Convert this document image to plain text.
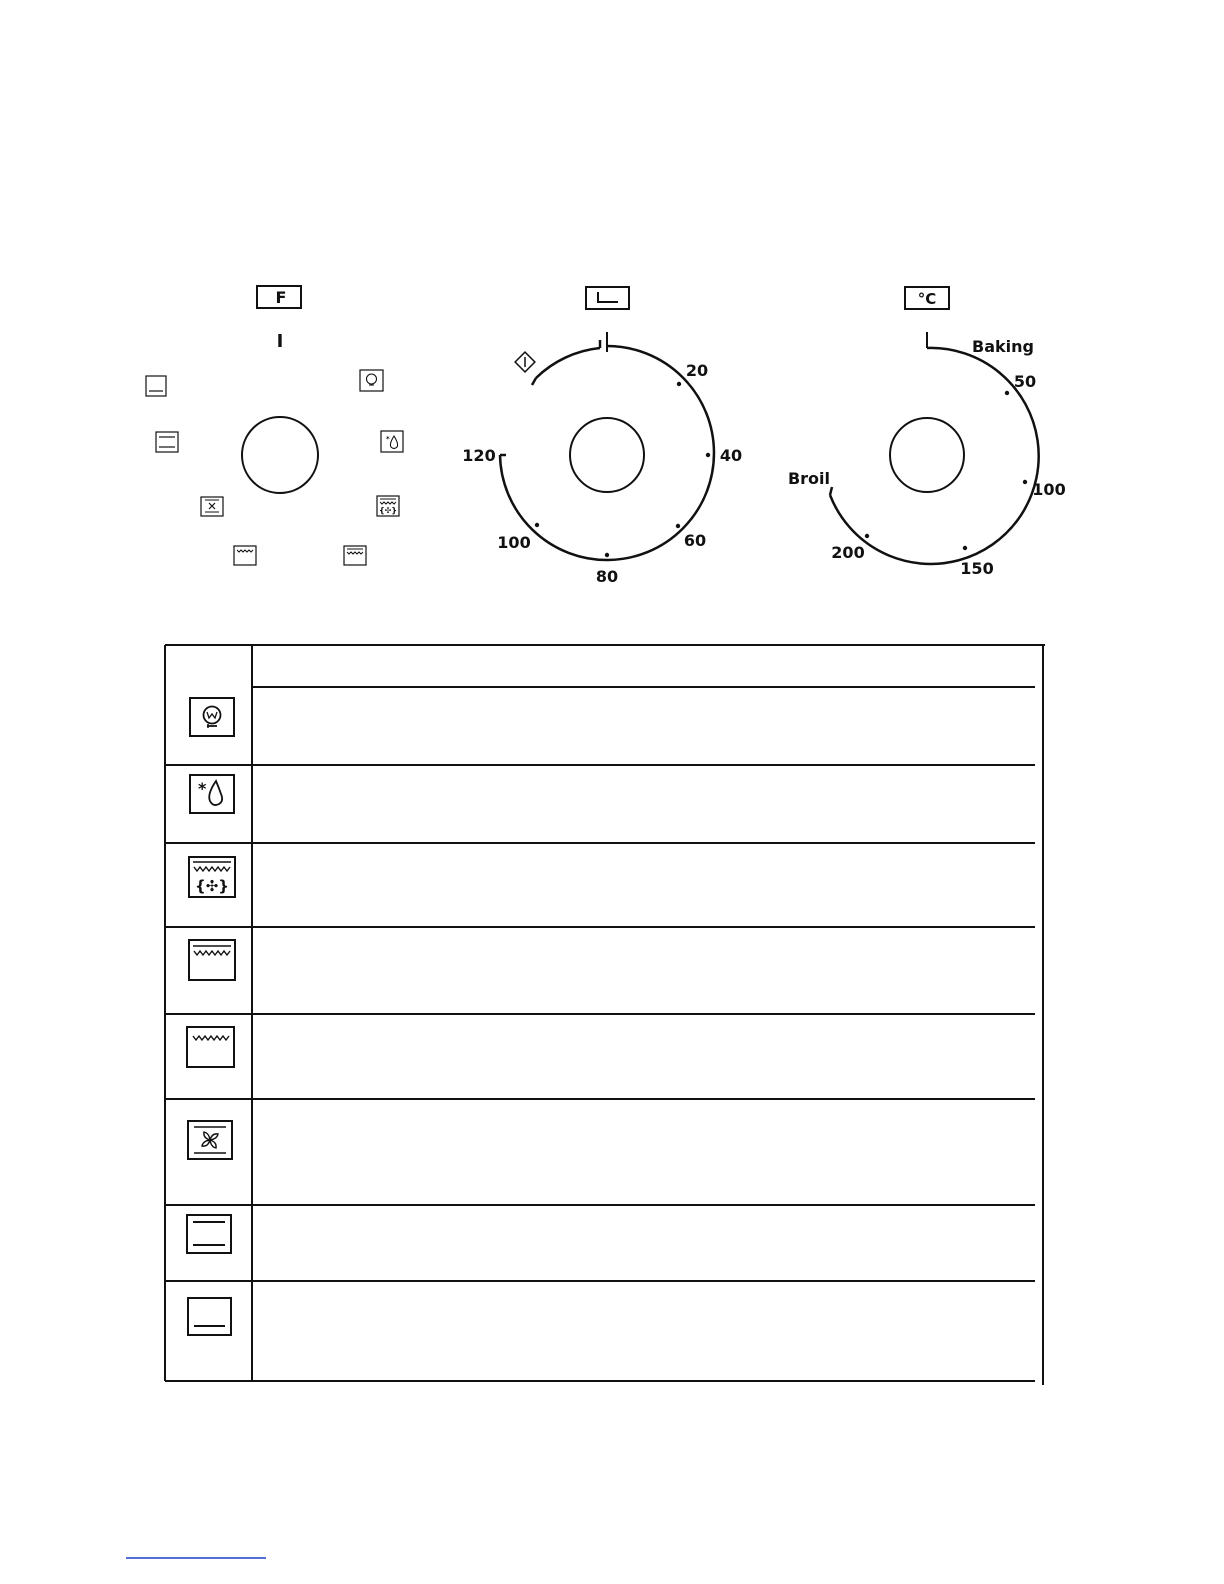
F
I
{✣}
*
20
40
60
80
100
120
°C
Baking
Broil
50
100
150
200
*
{✣}
